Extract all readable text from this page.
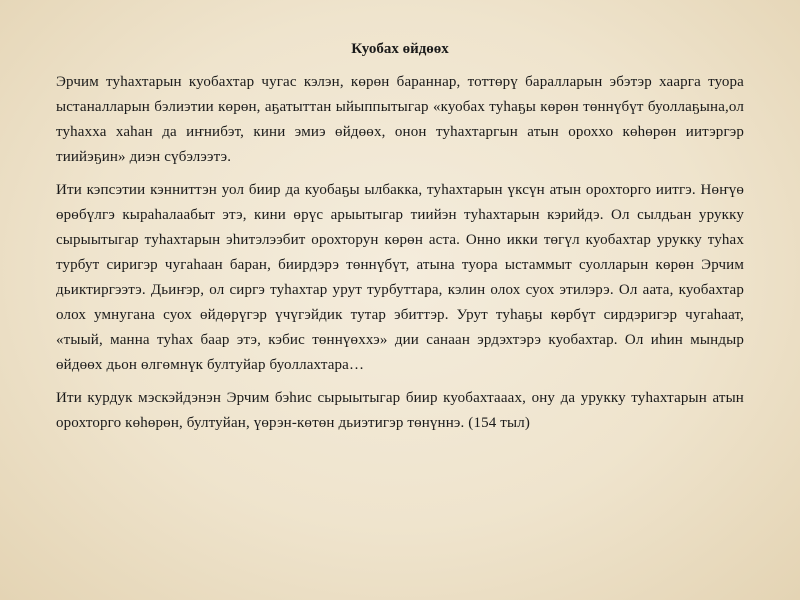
Куобах өйдөөх

Эрчим туһахтарын куобахтар чугас кэлэн, көрөн бараннар, тоттөрү баралларын эбэтэр хаарга туора ыстаналларын бэлиэтии көрөн, аҕатыттан ыйыппытыгар «куобах туһаҕы көрөн төннүбүт буоллаҕына,ол туһахха хаһан да иҥнибэт, кини эмиэ өйдөөх, онон туһахтаргын атын ороххо көһөрөн иитэргэр тиийэҕин» диэн сүбэлээтэ.

Ити кэпсэтии кэнниттэн уол биир да куобаҕы ылбакка, туһахтарын үксүн атын орохторго иитгэ. Нөҥүө өрөбүлгэ кыраһалаабыт этэ, кини өрүс арыытыгар тиийэн туһахтарын кэрийдэ. Ол сылдьан урукку сырыытыгар туһахтарын эһитэлээбит орохторун көрөн аста. Онно икки төгүл куобахтар урукку туһах турбут сиригэр чугаһаан баран, биирдэрэ төннүбүт, атына туора ыстаммыт суолларын көрөн Эрчим дьиктиргээтэ. Дьиҥэр, ол сиргэ туһахтар урут турбуттара, кэлин олох суох этилэрэ. Ол аата, куобахтар олох умнугана суох өйдөрүгэр үчүгэйдик тутар эбиттэр. Урут туһаҕы көрбүт сирдэригэр чугаһаат, «тыый, манна туһах баар этэ, кэбис төннүөххэ» дии санаан эрдэхтэрэ куобахтар. Ол иһин мындыр өйдөөх дьон өлгөмнүк бултуйар буоллахтара…

Ити курдук мэскэйдэнэн Эрчим бэһис сырыытыгар биир куобахтааах, ону да урукку туһахтарын атын орохторго көһөрөн, бултуйан, үөрэн-көтөн дьиэтигэр төнүннэ. (154 тыл)
